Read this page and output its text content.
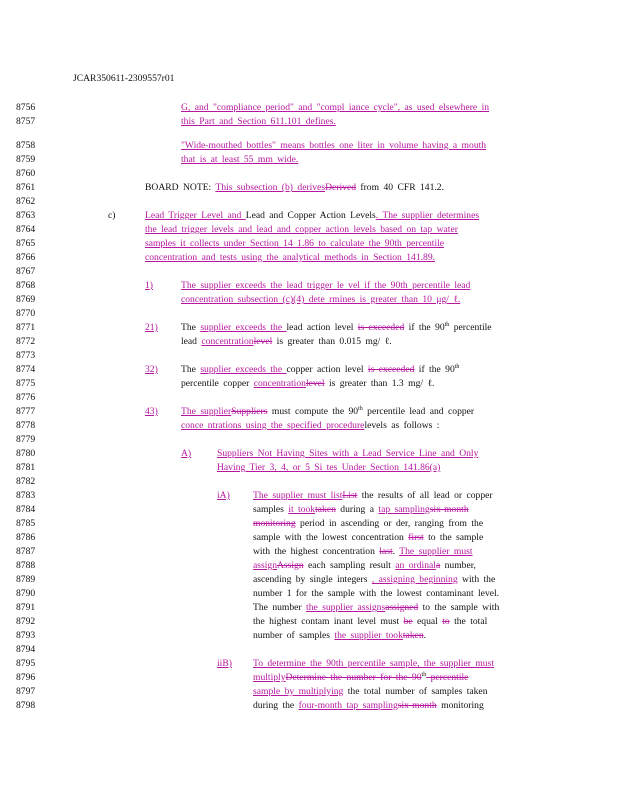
JCAR350611-2309557r01
8756	G, and "compliance period" and "compl iance cycle", as used elsewhere in
8757	this Part and Section 611.101 defines.
8758	"Wide-mouthed bottles" means bottles one liter in volume having a mouth
8759	that is at least 55 mm wide.
8760
8761	BOARD NOTE: This subsection (b) derivesDerived from 40 CFR 141.2.
8762
8763	c)	Lead Trigger Level and Lead and Copper Action Levels. The supplier determines
8764	the lead trigger levels and lead and copper action levels based on tap water
8765	samples it collects under Section 14 1.86 to calculate the 90th percentile
8766	concentration and tests using the analytical methods in Section 141.89.
8767
8768	1)	The supplier exceeds the lead trigger le vel if the 90th percentile lead
8769	concentration subsection (c)(4) dete rmines is greater than 10 μg/ ℓ.
8770
8771	21) The supplier exceeds the lead action level is exceeded if the 90th percentile
8772	lead concentrationlevel is greater than 0.015 mg/ ℓ.
8773
8774	32) The supplier exceeds the copper action level is exceeded if the 90th
8775	percentile copper concentrationlevel is greater than 1.3 mg/ ℓ.
8776
8777	43) The supplierSuppliers must compute the 90th percentile lead and copper
8778	conce ntrations using the specified procedurelevels as follows :
8779
8780	A)	Suppliers Not Having Sites with a Lead Service Line and Only
8781	Having Tier 3, 4, or 5 Si tes Under Section 141.86(a)
8782
8783	iA) The supplier must listList the results of all lead or copper
8784	samples it tooktaken during a tap samplingsix-month
8785	monitoring period in ascending or der, ranging from the
8786	sample with the lowest concentration first to the sample
8787	with the highest concentration last. The supplier must
8788	assignAssign each sampling result an ordinala number,
8789	ascending by single integers , assigning beginning with the
8790	number 1 for the sample with the lowest contaminant level.
8791	The number the supplier assignsassigned to the sample with
8792	the highest contam inant level must be equal to the total
8793	number of samples the supplier tooktaken.
8794
8795	iiB) To determine the 90th percentile sample, the supplier must
8796	multiplyDetermine the number for the 90th percentile
8797	sample by multiplying the total number of samples taken
8798	during the four-month tap samplingsix-month monitoring
